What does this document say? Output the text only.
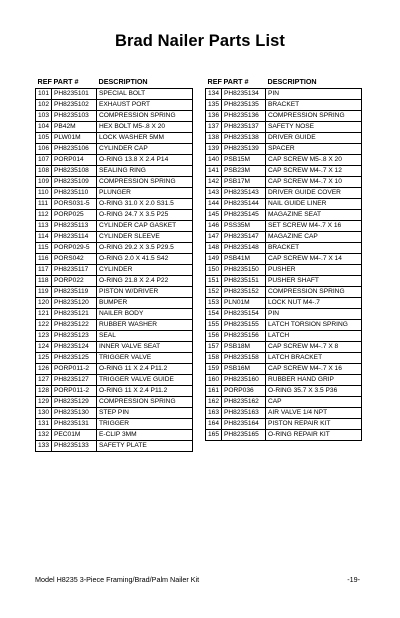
Brad Nailer Parts List
REF	PART #	DESCRIPTION
101	PH8235101	SPECIAL BOLT
102	PH8235102	EXHAUST PORT
103	PH8235103	COMPRESSION SPRING
104	PB42M	HEX BOLT M5-.8 X 20
105	PLW01M	LOCK WASHER 5MM
106	PH8235106	CYLINDER CAP
107	PORP014	O-RING 13.8 X 2.4 P14
108	PH8235108	SEALING RING
109	PH8235109	COMPRESSION SPRING
110	PH8235110	PLUNGER
111	PORS031-5	O-RING 31.0 X 2.0 S31.5
112	PORP025	O-RING 24.7 X 3.5 P25
113	PH8235113	CYLINDER CAP GASKET
114	PH8235114	CYLINDER SLEEVE
115	PORP029-5	O-RING 29.2 X 3.5 P29.5
116	PORS042	O-RING 2.0 X 41.5 S42
117	PH8235117	CYLINDER
118	PORP022	O-RING 21.8 X 2.4 P22
119	PH8235119	PISTON W/DRIVER
120	PH8235120	BUMPER
121	PH8235121	NAILER BODY
122	PH8235122	RUBBER WASHER
123	PH8235123	SEAL
124	PH8235124	INNER VALVE SEAT
125	PH8235125	TRIGGER VALVE
126	PORP011-2	O-RING 11 X 2.4 P11.2
127	PH8235127	TRIGGER VALVE GUIDE
128	PORP011-2	O-RING 11 X 2.4 P11.2
129	PH8235129	COMPRESSION SPRING
130	PH8235130	STEP PIN
131	PH8235131	TRIGGER
132	PEC01M	E-CLIP 3MM
133	PH8235133	SAFETY PLATE
REF	PART #	DESCRIPTION
134	PH8235134	PIN
135	PH8235135	BRACKET
136	PH8235136	COMPRESSION SPRING
137	PH8235137	SAFETY NOSE
138	PH8235138	DRIVER GUIDE
139	PH8235139	SPACER
140	PSB15M	CAP SCREW M5-.8 X 20
141	PSB23M	CAP SCREW M4-.7 X 12
142	PSB17M	CAP SCREW M4-.7 X 10
143	PH8235143	DRIVER GUIDE COVER
144	PH8235144	NAIL GUIDE LINER
145	PH8235145	MAGAZINE SEAT
146	PSS35M	SET SCREW M4-.7 X 16
147	PH8235147	MAGAZINE CAP
148	PH8235148	BRACKET
149	PSB41M	CAP SCREW M4-.7 X 14
150	PH8235150	PUSHER
151	PH8235151	PUSHER SHAFT
152	PH8235152	COMPRESSION SPRING
153	PLN01M	LOCK NUT M4-.7
154	PH8235154	PIN
155	PH8235155	LATCH TORSION SPRING
156	PH8235156	LATCH
157	PSB18M	CAP SCREW M4-.7 X 8
158	PH8235158	LATCH BRACKET
159	PSB16M	CAP SCREW M4-.7 X 16
160	PH8235160	RUBBER HAND GRIP
161	PORP036	O-RING 35.7 X 3.5 P36
162	PH8235162	CAP
163	PH8235163	AIR VALVE 1/4 NPT
164	PH8235164	PISTON REPAIR KIT
165	PH8235165	O-RING REPAIR KIT
Model H8235 3-Piece Framing/Brad/Palm Nailer Kit	-19-
